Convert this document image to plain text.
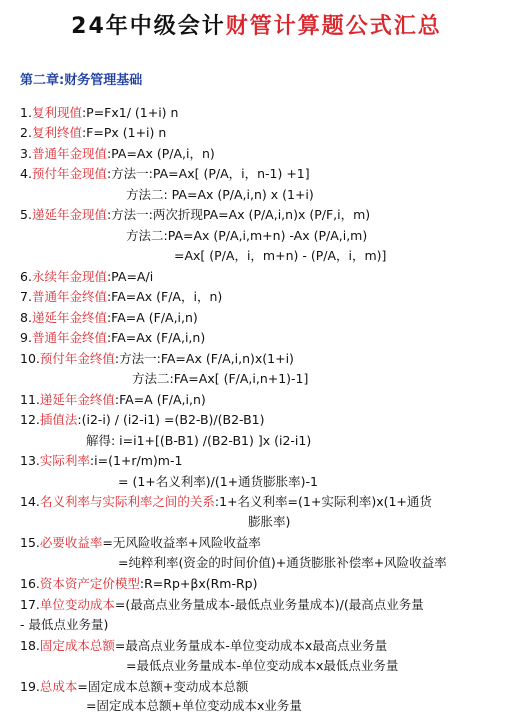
24年中级会计财管计算题公式汇总
第二章:财务管理基础
1.复利现值:P=Fx1/ (1+i) n
2.复利终值:F=Px (1+i) n
3.普通年金现值:PA=Ax (P/A,i，n)
4.预付年金现值:方法一:PA=Ax[ (P/A，i，n-1) +1]
方法二: PA=Ax (P/A,i,n) x (1+i)
5.递延年金现值:方法一:两次折现PA=Ax (P/A,i,n)x (P/F,i，m)
方法二:PA=Ax (P/A,i,m+n) -Ax (P/A,i,m)
=Ax[ (P/A，i，m+n) - (P/A，i，m)]
6.永续年金现值:PA=A/i
7.普通年金终值:FA=Ax (F/A，i，n)
8.递延年金终值:FA=A (F/A,i,n)
9.普通年金终值:FA=Ax (F/A,i,n)
10.预付年金终值:方法一:FA=Ax (F/A,i,n)x(1+i)
方法二:FA=Ax[ (F/A,i,n+1)-1]
11.递延年金终值:FA=A (F/A,i,n)
12.插值法:(i2-i) / (i2-i1) =(B2-B)/(B2-B1)
解得: i=i1+[(B-B1) /(B2-B1) ]x (i2-i1)
13.实际利率:i=(1+r/m)m-1
= (1+名义利率)/(1+通货膨胀率)-1
14.名义利率与实际利率之间的关系:1+名义利率=(1+实际利率)x(1+通货
膨胀率)
15.必要收益率=无风险收益率+风险收益率
=纯粹利率(资金的时间价值)+通货膨胀补偿率+风险收益率
16.资本资产定价模型:R=Rp+βx(Rm-Rp)
17.单位变动成本=(最高点业务量成本-最低点业务量成本)/(最高点业务量
- 最低点业务量)
18.固定成本总额=最高点业务量成本-单位变动成本x最高点业务量
=最低点业务量成本-单位变动成本x最低点业务量
19.总成本=固定成本总额+变动成本总额
=固定成本总额+单位变动成本x业务量
